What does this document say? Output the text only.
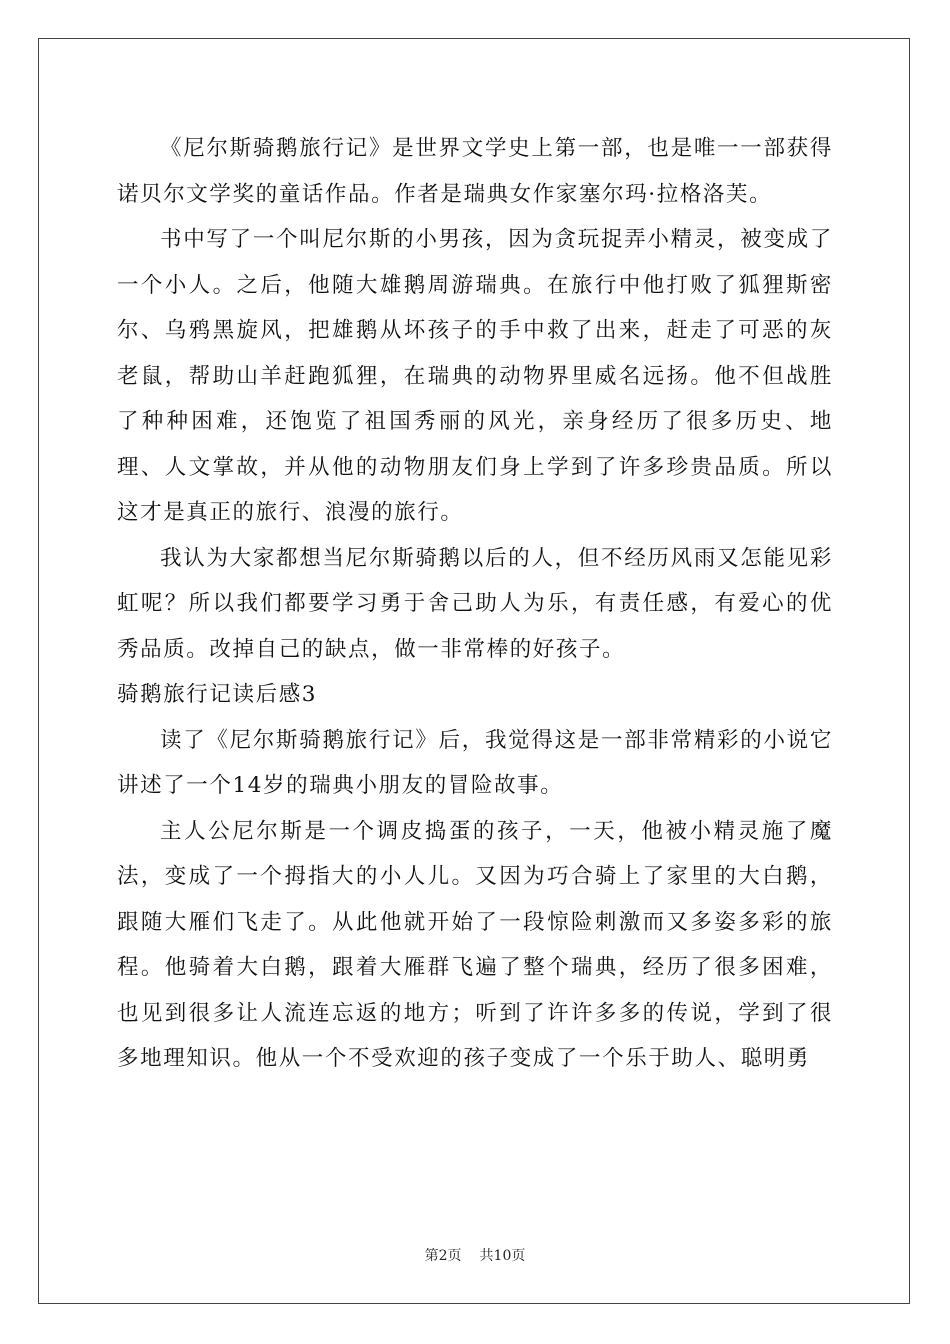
《尼尔斯骑鹅旅行记》是世界文学史上第一部，也是唯一一部获得诺贝尔文学奖的童话作品。作者是瑞典女作家塞尔玛·拉格洛芙。

书中写了一个叫尼尔斯的小男孩，因为贪玩捉弄小精灵，被变成了一个小人。之后，他随大雄鹅周游瑞典。在旅行中他打败了狐狸斯密尔、乌鸦黑旋风，把雄鹅从坏孩子的手中救了出来，赶走了可恶的灰老鼠，帮助山羊赶跑狐狸，在瑞典的动物界里威名远扬。他不但战胜了种种困难，还饱览了祖国秀丽的风光，亲身经历了很多历史、地理、人文掌故，并从他的动物朋友们身上学到了许多珍贵品质。所以这才是真正的旅行、浪漫的旅行。

我认为大家都想当尼尔斯骑鹅以后的人，但不经历风雨又怎能见彩虹呢？所以我们都要学习勇于舍己助人为乐，有责任感，有爱心的优秀品质。改掉自己的缺点，做一非常棒的好孩子。

骑鹅旅行记读后感3

读了《尼尔斯骑鹅旅行记》后，我觉得这是一部非常精彩的小说它讲述了一个14岁的瑞典小朋友的冒险故事。

主人公尼尔斯是一个调皮捣蛋的孩子，一天，他被小精灵施了魔法，变成了一个拇指大的小人儿。又因为巧合骑上了家里的大白鹅，跟随大雁们飞走了。从此他就开始了一段惊险刺激而又多姿多彩的旅程。他骑着大白鹅，跟着大雁群飞遍了整个瑞典，经历了很多困难，也见到很多让人流连忘返的地方；听到了许许多多的传说，学到了很多地理知识。他从一个不受欢迎的孩子变成了一个乐于助人、聪明勇

第2页 共10页
